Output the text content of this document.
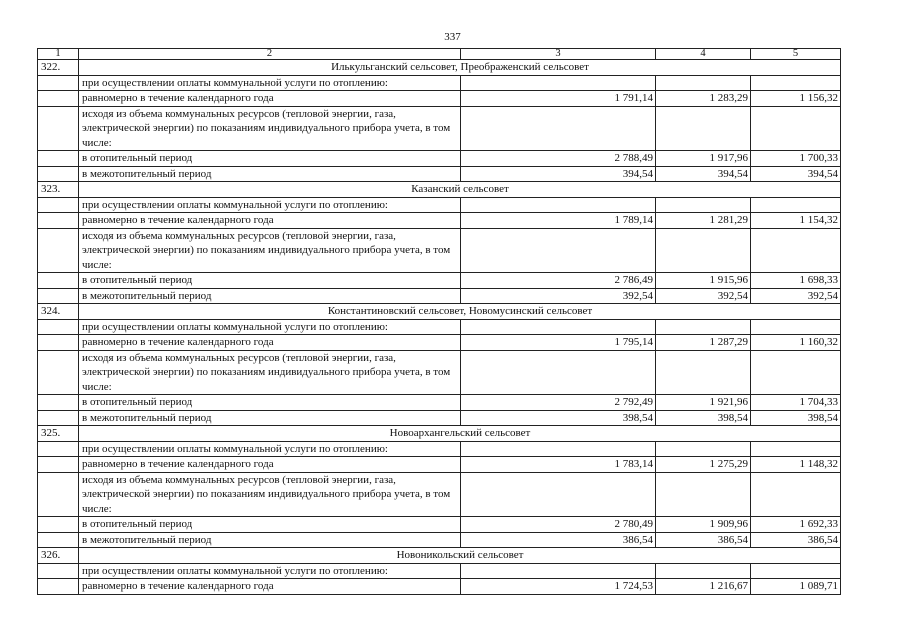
337
1	2	3	4	5
322.	Илькульганский сельсовет, Преображенский сельсовет			
	при осуществлении оплаты коммунальной услуги по отоплению:			
	равномерно в течение календарного года	1 791,14	1 283,29	1 156,32
	исходя из объема коммунальных ресурсов (тепловой энергии, газа, электрической энергии) по показаниям индивидуального прибора учета, в том числе:			
	в отопительный период	2 788,49	1 917,96	1 700,33
	в межотопительный период	394,54	394,54	394,54
323.	Казанский сельсовет			
	при осуществлении оплаты коммунальной услуги по отоплению:			
	равномерно в течение календарного года	1 789,14	1 281,29	1 154,32
	исходя из объема коммунальных ресурсов (тепловой энергии, газа, электрической энергии) по показаниям индивидуального прибора учета, в том числе:			
	в отопительный период	2 786,49	1 915,96	1 698,33
	в межотопительный период	392,54	392,54	392,54
324.	Константиновский сельсовет, Новомусинский сельсовет			
	при осуществлении оплаты коммунальной услуги по отоплению:			
	равномерно в течение календарного года	1 795,14	1 287,29	1 160,32
	исходя из объема коммунальных ресурсов (тепловой энергии, газа, электрической энергии) по показаниям индивидуального прибора учета, в том числе:			
	в отопительный период	2 792,49	1 921,96	1 704,33
	в межотопительный период	398,54	398,54	398,54
325.	Новоархангельский сельсовет			
	при осуществлении оплаты коммунальной услуги по отоплению:			
	равномерно в течение календарного года	1 783,14	1 275,29	1 148,32
	исходя из объема коммунальных ресурсов (тепловой энергии, газа, электрической энергии) по показаниям индивидуального прибора учета, в том числе:			
	в отопительный период	2 780,49	1 909,96	1 692,33
	в межотопительный период	386,54	386,54	386,54
326.	Новоникольский сельсовет			
	при осуществлении оплаты коммунальной услуги по отоплению:			
	равномерно в течение календарного года	1 724,53	1 216,67	1 089,71
